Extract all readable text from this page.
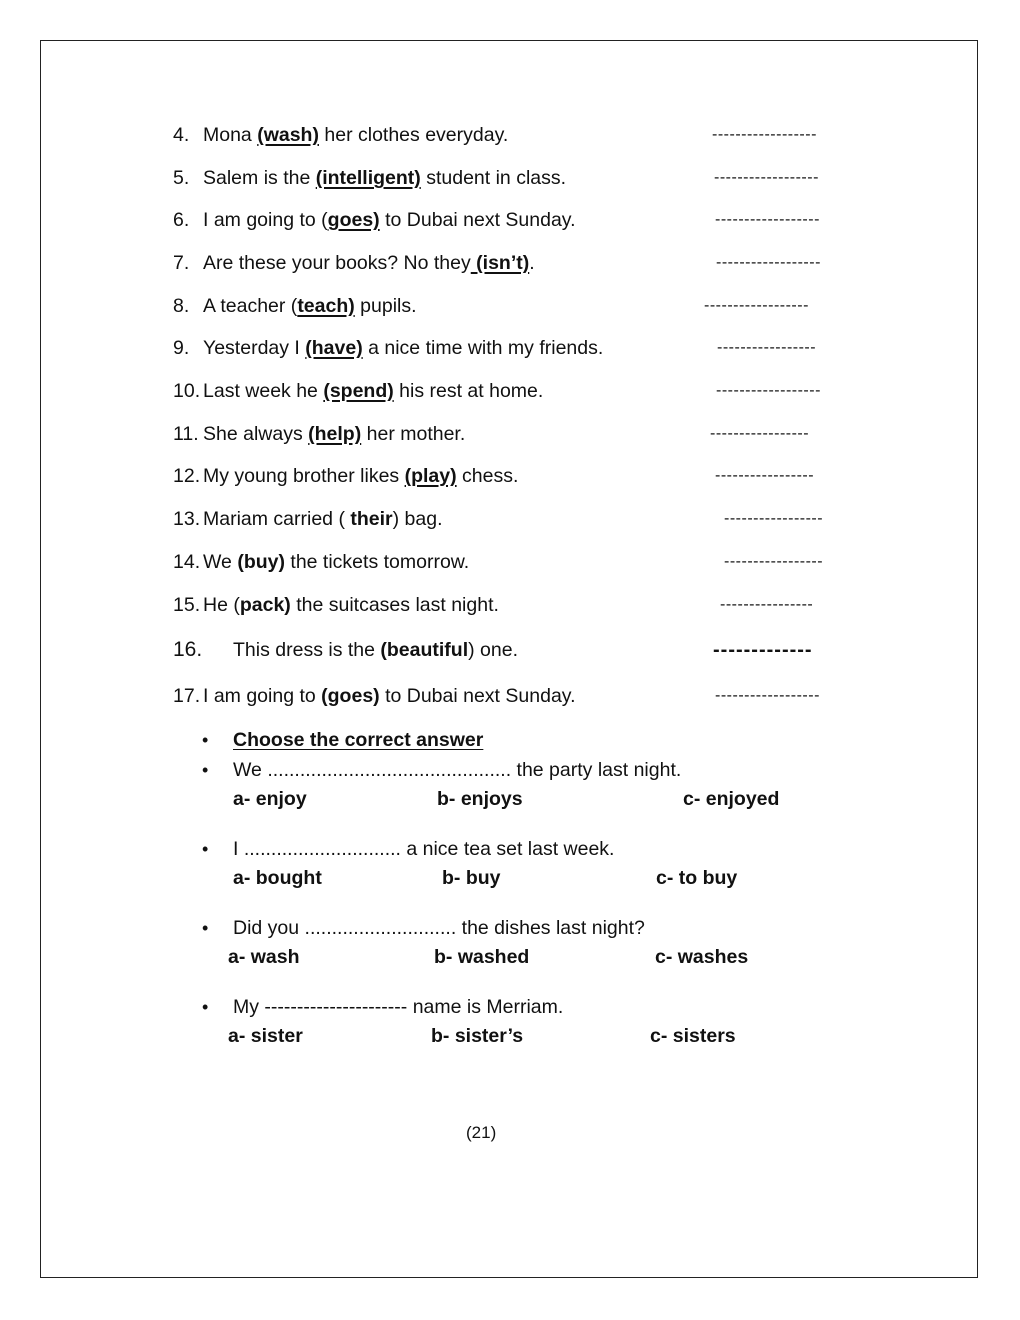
4. Mona (wash) her clothes everyday.	------------------
5. Salem is the (intelligent) student in class.	------------------
6. I am going to (goes) to Dubai next Sunday.	------------------
7. Are these your books? No they (isn’t).	------------------
8. A teacher (teach) pupils.	------------------
9. Yesterday I (have) a nice time with my friends.	-----------------
10. Last week he (spend) his rest at home.	------------------
11. She always (help) her mother.	-----------------
12. My young brother likes (play) chess.	-----------------
13. Mariam carried ( their) bag.	-----------------
14. We (buy) the tickets tomorrow.	-----------------
15. He (pack) the suitcases last night.	----------------
16. This dress is the (beautiful) one.	-------------
17. I am going to (goes) to Dubai next Sunday.	------------------
• Choose the correct answer
• We ............................................. the party last night.
a- enjoy	b- enjoys	c- enjoyed
• I ............................. a nice tea set last week.
a- bought	b- buy	c- to buy
• Did you ............................ the dishes last night?
a- wash	b- washed	c- washes
• My ---------------------- name is Merriam.
a- sister	b- sister’s	c- sisters
(21)
